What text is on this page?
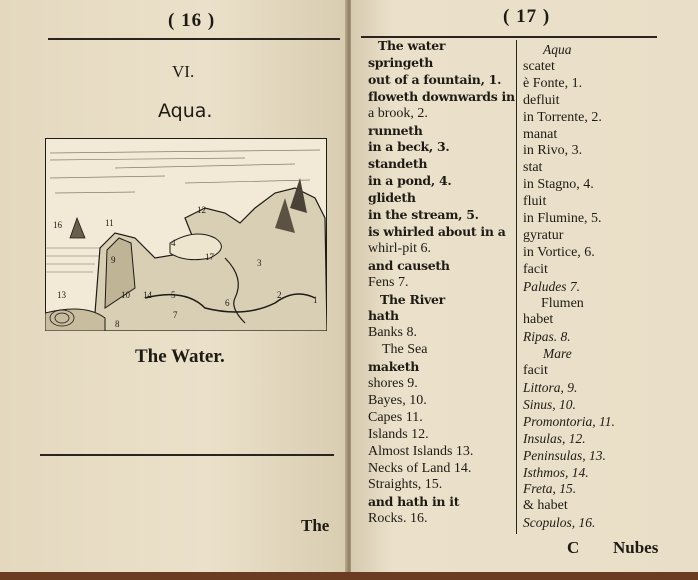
( 16 )
VI.
Aqua.
16	11
12
4
3
9	17
2
13	10 14 5
6
7
8
1
The Water.
The
( 17 )
The water
springeth
out of a fountain, 1.
floweth downwards in
a brook, 2.
runneth
in a beck, 3.
standeth
in a pond, 4.
glideth
in the stream, 5.
is whirled about in a
whirl-pit 6.
and causeth
Fens 7.
The River
hath
Banks 8.
The Sea
maketh
shores 9.
Bayes, 10.
Capes 11.
Islands 12.
Almost Islands 13.
Necks of Land 14.
Straights, 15.
and hath in it
Rocks. 16.
Aqua
scatet
è Fonte, 1.
defluit
in Torrente, 2.
manat
in Rivo, 3.
stat
in Stagno, 4.
fluit
in Flumine, 5.
gyratur
in Vortice, 6.
facit
Paludes 7.
Flumen
habet
Ripas. 8.
Mare
facit
Littora, 9.
Sinus, 10.
Promontoria, 11.
Insulas, 12.
Peninsulas, 13.
Isthmos, 14.
Freta, 15.
& habet
Scopulos, 16.
C Nubes
